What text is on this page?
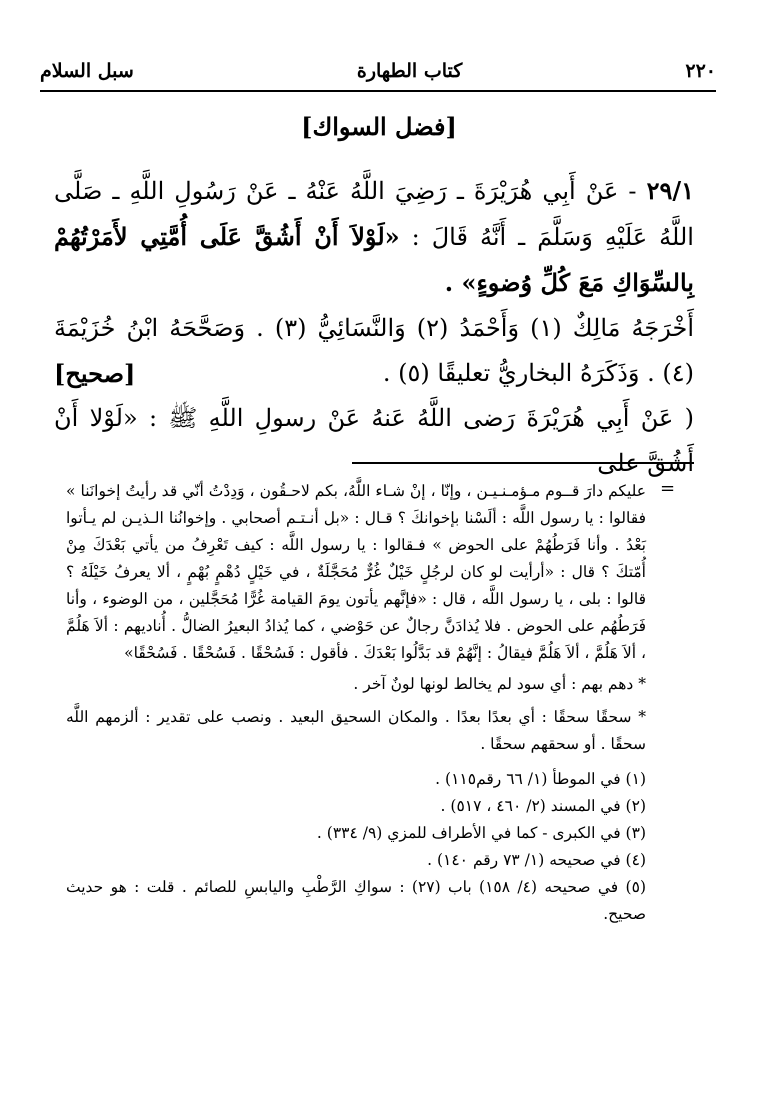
٢٢٠
كتاب الطهارة
سبل السلام
[فضل السواك]

٢٩/١ - عَنْ أَبِي هُرَيْرَةَ ـ رَضِيَ اللَّهُ عَنْهُ ـ عَنْ رَسُولِ اللَّهِ ـ صَلَّى اللَّهُ عَلَيْهِ وَسَلَّمَ ـ أَنَّهُ قَالَ : «لَوْلاَ أَنْ أَشُقَّ عَلَى أُمَّتِي لأَمَرْتُهُمْ بِالسِّوَاكِ مَعَ كُلِّ وُضوءٍ» .

أَخْرَجَهُ مَالِكٌ (١) وَأَحْمَدُ (٢) وَالنَّسَائِيُّ (٣) . وَصَحَّحَهُ ابْنُ خُزَيْمَةَ (٤) . وَذَكَرَهُ البخاريُّ تعليقًا (٥) .
[صحيح]

( عَنْ أَبِي هُرَيْرَةَ رَضى اللَّهُ عَنهُ عَنْ رسولِ اللَّهِ ﷺ : «لَوْلا أَنْ أَشُقَّ على

=

عليكم دارَ قــوم مـؤمـنـيـن ، وإنّا ، إنْ شـاء اللَّهُ، بكم لاحـقُون ، وَدِدْتُ أنّي قد رأيتُ إخوانَنا » فقالوا : يا رسول اللَّه : ألَسْنا بإخوانكَ ؟ قـال : «بل أنـتـم أصحابي . وإخوانُنا الـذيـن لم يـأتوا بَعْدُ . وأنا فَرَطُهُمْ على الحوض » فـقالوا : يا رسول اللَّه : كيف تَعْرِفُ من يأتي بَعْدَكَ مِنْ أُمّتكَ ؟ قال : «أرأيت لو كان لرجُلٍ خَيْلٌ غُرٌّ مُحَجَّلَةٌ ، في خَيْلٍ دُهْمٍ بُهْمٍ ، ألا يعرفُ خَيْلَهُ ؟ قالوا : بلى ، يا رسول اللَّه ، قال : «فإنَّهم يأتون يومَ القيامة غُرًّا مُحَجَّلين ، من الوضوء ، وأنا فَرَطُهُم على الحوض . فلا يُذادَنَّ رجالٌ عن حَوْضي ، كما يُذادُ البعيرُ الضالُّ . أُناديهم : ألاَ هَلُمَّ ، ألاَ هَلُمَّ ، ألاَ هَلُمَّ فيقالُ : إنَّهُمْ قد بَدَّلُوا بَعْدَكَ . فأقول : فَسُحْقًا . فَسُحْقًا . فَسُحْقًا»

* دهم بهم : أي سود لم يخالط لونها لونٌ آخر .

* سحقًا سحقًا : أي بعدًا بعدًا . والمكان السحيق البعيد . ونصب على تقدير : ألزمهم اللَّه سحقًا . أو سحقهم سحقًا .

(١) في الموطأ (١/ ٦٦ رقم١١٥) .

(٢) في المسند (٢/ ٤٦٠ ، ٥١٧) .

(٣) في الكبرى - كما في الأطراف للمزي (٩/ ٣٣٤) .

(٤) في صحيحه (١/ ٧٣ رقم ١٤٠) .

(٥) في صحيحه (٤/ ١٥٨) باب (٢٧) : سواكِ الرَّطْبِ واليابسِ للصائم . قلت : هو حديث صحيح.
